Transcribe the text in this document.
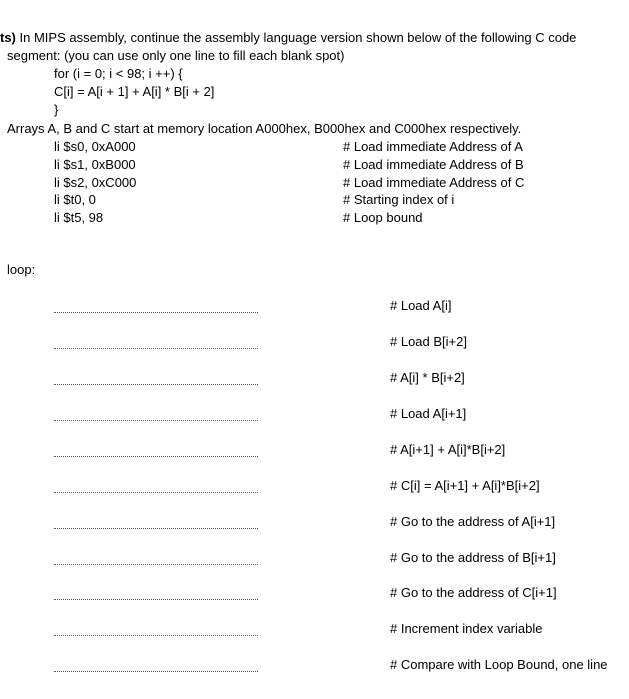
ts) In MIPS assembly, continue the assembly language version shown below of the following C code
segment: (you can use only one line to fill each blank spot)
for (i = 0; i < 98; i ++) {
C[i] = A[i + 1] + A[i] * B[i + 2]
}
Arrays A, B and C start at memory location A000hex, B000hex and C000hex respectively.
li $s0, 0xA000	# Load immediate Address of A
li $s1, 0xB000	# Load immediate Address of B
li $s2, 0xC000	# Load immediate Address of C
li $t0, 0	# Starting index of i
li $t5, 98	# Loop bound
loop:
# Load A[i]
# Load B[i+2]
# A[i] * B[i+2]
# Load A[i+1]
# A[i+1] + A[i]*B[i+2]
# C[i] = A[i+1] + A[i]*B[i+2]
# Go to the address of A[i+1]
# Go to the address of B[i+1]
# Go to the address of C[i+1]
# Increment index variable
# Compare with Loop Bound, one line
